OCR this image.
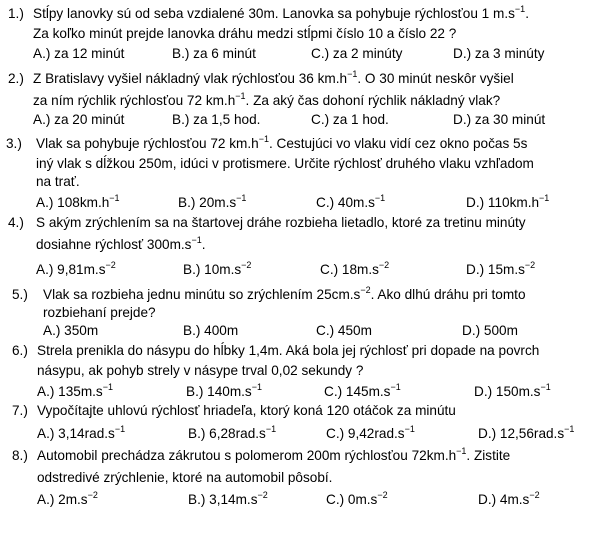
1.) Stĺpy lanovky sú od seba vzdialené 30m. Lanovka sa pohybuje rýchlosťou 1 $m.s^{-1}$.
Za koľko minút prejde lanovka dráhu medzi stĺpmi číslo 10 a číslo 22 ?
A.) za 12 minút	B.) za 6 minút	C.) za 2 minúty	D.) za 3 minúty
2.) Z Bratislavy vyšiel nákladný vlak rýchlosťou 36 $km.h^{-1}$. O 30 minút neskôr vyšiel
za ním rýchlik rýchlosťou 72 $km.h^{-1}$. Za aký čas dohoní rýchlik nákladný vlak?
A.) za 20 minút	B.) za 1,5 hod.	C.) za 1 hod.	D.) za 30 minút
3.) Vlak sa pohybuje rýchlosťou 72 $km.h^{-1}$. Cestujúci vo vlaku vidí cez okno počas 5s
iný vlak s dĺžkou 250m, idúci v protismere. Určite rýchlosť druhého vlaku vzhľadom
na trať.
A.) $108km.h^{-1}$	B.) $20m.s^{-1}$	C.) $40m.s^{-1}$	D.) $110km.h^{-1}$
4.) S akým zrýchlením sa na štartovej dráhe rozbieha lietadlo, ktoré za tretinu minúty
dosiahne rýchlosť $300m.s^{-1}$.
A.) $9,81m.s^{-2}$	B.) $10m.s^{-2}$	C.) $18m.s^{-2}$	D.) $15m.s^{-2}$
5.) Vlak sa rozbieha jednu minútu so zrýchlením $25cm.s^{-2}$. Ako dlhú dráhu pri tomto
rozbiehaní prejde?
A.) 350m	B.) 400m	C.) 450m	D.) 500m
6.) Strela prenikla do násypu do hĺbky 1,4m. Aká bola jej rýchlosť pri dopade na povrch
násypu, ak pohyb strely v násype trval 0,02 sekundy ?
A.) $135m.s^{-1}$	B.) $140m.s^{-1}$	C.) $145m.s^{-1}$	D.) $150m.s^{-1}$
7.) Vypočítajte uhlovú rýchlosť hriadeľa, ktorý koná 120 otáčok za minútu
A.) $3,14rad.s^{-1}$	B.) $6,28rad.s^{-1}$	C.) $9,42rad.s^{-1}$	D.) $12,56rad.s^{-1}$
8.) Automobil prechádza zákrutou s polomerom 200m rýchlosťou $72km.h^{-1}$. Zistite
odstredivé zrýchlenie, ktoré na automobil pôsobí.
A.) $2m.s^{-2}$	B.) $3,14m.s^{-2}$	C.) $0m.s^{-2}$	D.) $4m.s^{-2}$
